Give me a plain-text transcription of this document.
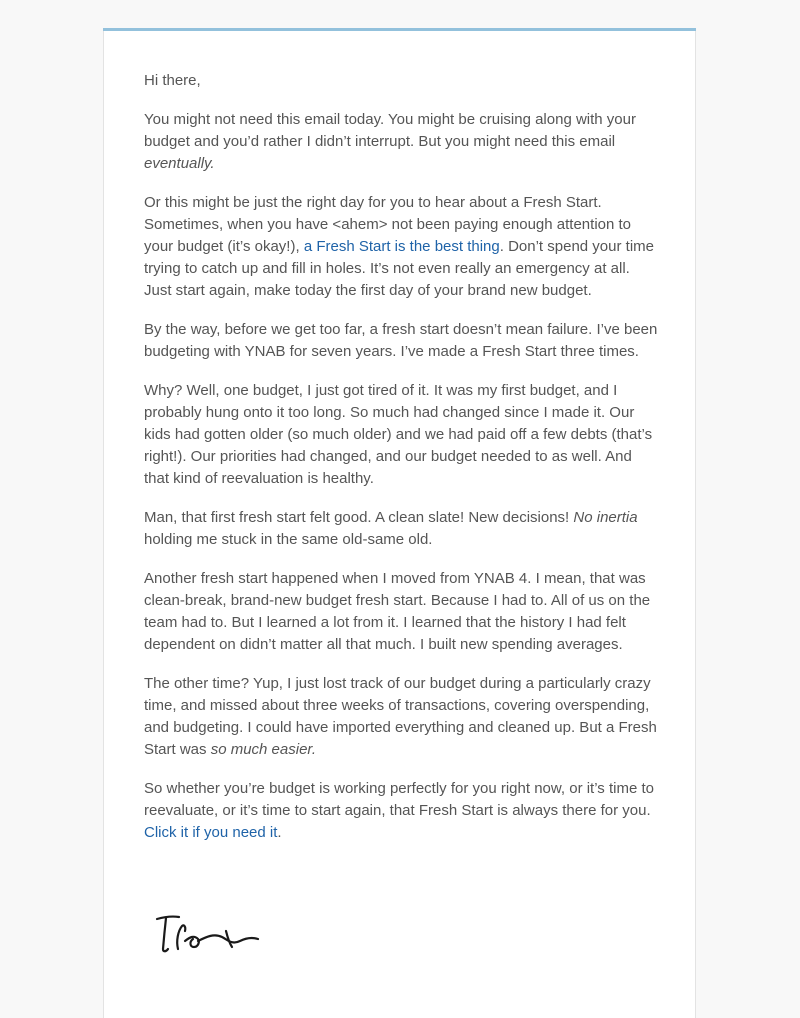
Hi there,

You might not need this email today. You might be cruising along with your budget and you’d rather I didn’t interrupt. But you might need this email eventually.

Or this might be just the right day for you to hear about a Fresh Start. Sometimes, when you have <ahem> not been paying enough attention to your budget (it’s okay!), a Fresh Start is the best thing. Don’t spend your time trying to catch up and fill in holes. It’s not even really an emergency at all. Just start again, make today the first day of your brand new budget.

By the way, before we get too far, a fresh start doesn’t mean failure. I’ve been budgeting with YNAB for seven years. I’ve made a Fresh Start three times.

Why? Well, one budget, I just got tired of it. It was my first budget, and I probably hung onto it too long. So much had changed since I made it. Our kids had gotten older (so much older) and we had paid off a few debts (that’s right!). Our priorities had changed, and our budget needed to as well. And that kind of reevaluation is healthy.

Man, that first fresh start felt good. A clean slate! New decisions! No inertia holding me stuck in the same old-same old.

Another fresh start happened when I moved from YNAB 4. I mean, that was clean-break, brand-new budget fresh start. Because I had to. All of us on the team had to. But I learned a lot from it. I learned that the history I had felt dependent on didn’t matter all that much. I built new spending averages.

The other time? Yup, I just lost track of our budget during a particularly crazy time, and missed about three weeks of transactions, covering overspending, and budgeting. I could have imported everything and cleaned up. But a Fresh Start was so much easier.

So whether you’re budget is working perfectly for you right now, or it’s time to reevaluate, or it’s time to start again, that Fresh Start is always there for you. Click it if you need it.
